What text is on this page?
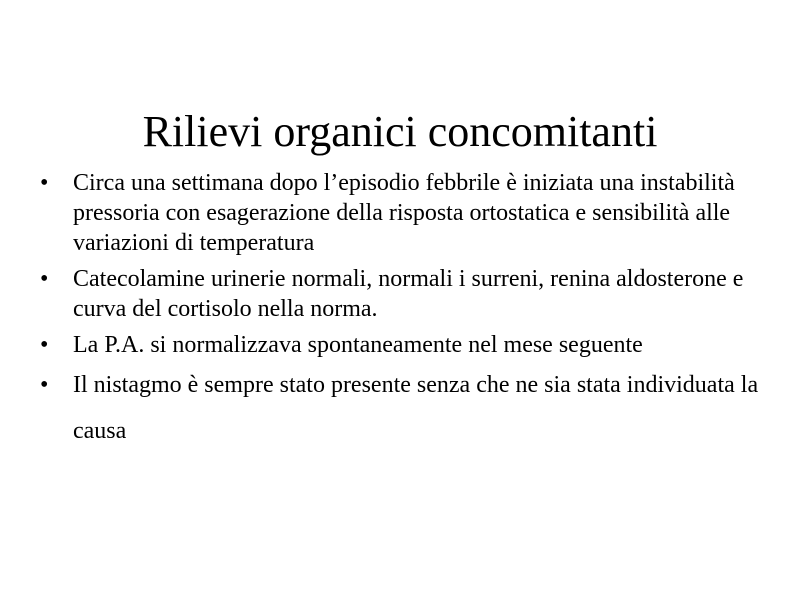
Rilievi organici concomitanti
•	Circa una settimana dopo l’episodio febbrile è iniziata una instabilità pressoria con esagerazione della risposta ortostatica e sensibilità alle variazioni di temperatura
•	Catecolamine urinerie normali, normali i surreni, renina aldosterone e curva del cortisolo nella norma.
•	La P.A. si normalizzava spontaneamente nel mese seguente
•	Il nistagmo è sempre stato presente senza che ne sia stata individuata la causa
